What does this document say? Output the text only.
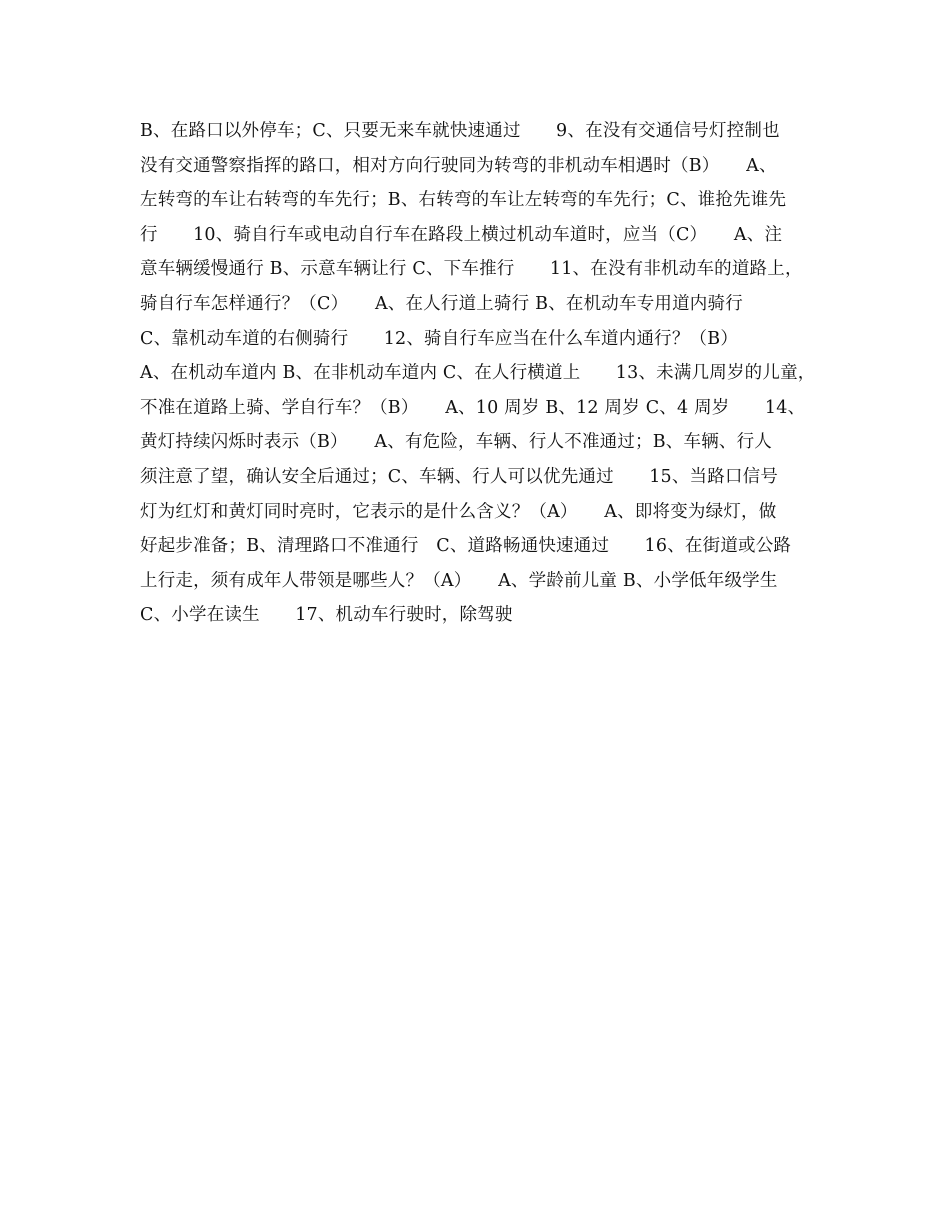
B、在路口以外停车；C、只要无来车就快速通过　　9、在没有交通信号灯控制也
没有交通警察指挥的路口，相对方向行驶同为转弯的非机动车相遇时（B）　　A、
左转弯的车让右转弯的车先行；B、右转弯的车让左转弯的车先行；C、谁抢先谁先
行　　10、骑自行车或电动自行车在路段上横过机动车道时，应当（C）　　A、注
意车辆缓慢通行 B、示意车辆让行 C、下车推行　　11、在没有非机动车的道路上，
骑自行车怎样通行？（C）　　A、在人行道上骑行 B、在机动车专用道内骑行
C、靠机动车道的右侧骑行　　12、骑自行车应当在什么车道内通行？（B）
A、在机动车道内 B、在非机动车道内 C、在人行横道上　　13、未满几周岁的儿童，
不准在道路上骑、学自行车？（B）　　A、10 周岁 B、12 周岁 C、4 周岁　　14、
黄灯持续闪烁时表示（B）　　A、有危险，车辆、行人不准通过；B、车辆、行人
须注意了望，确认安全后通过；C、车辆、行人可以优先通过　　15、当路口信号
灯为红灯和黄灯同时亮时，它表示的是什么含义？（A）　　A、即将变为绿灯，做
好起步准备；B、清理路口不准通行　C、道路畅通快速通过　　16、在街道或公路
上行走，须有成年人带领是哪些人？（A）　　A、学龄前儿童 B、小学低年级学生
C、小学在读生　　17、机动车行驶时，除驾驶
